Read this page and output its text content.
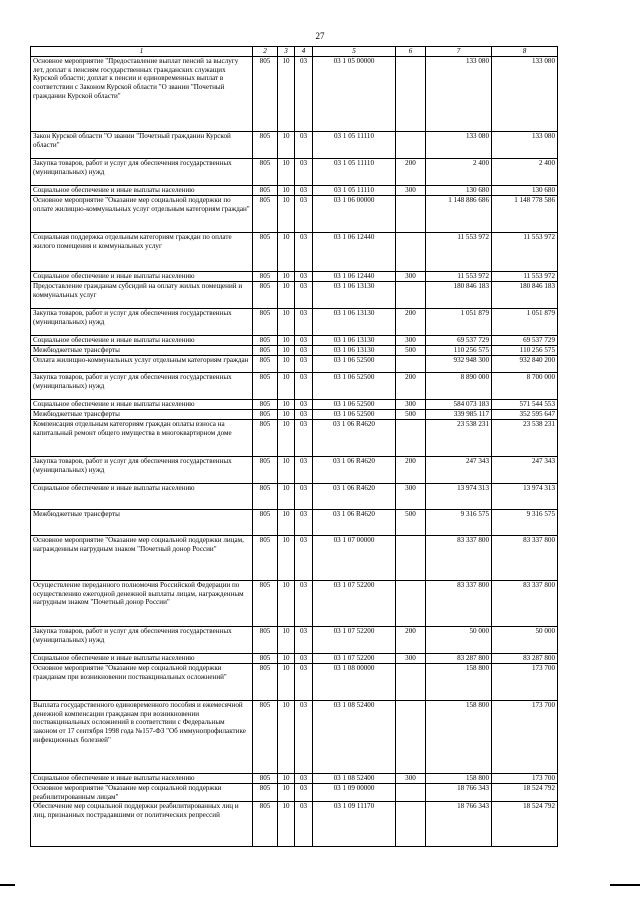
27
1	2	3	4	5	6	7	8
Основное мероприятие "Предоставление выплат пенсий за выслугу лет, доплат к пенсиям государственных гражданских служащих Курской области; доплат к пенсии и единовременных выплат в соответствии с Законом Курской области "О звании "Почетный гражданин Курской области"	805	10	03	03 1 05 00000		133 080	133 080
Закон Курской области "О звании "Почетный гражданин Курской области"	805	10	03	03 1 05 11110		133 080	133 080
Закупка товаров, работ и услуг для обеспечения государственных (муниципальных) нужд	805	10	03	03 1 05 11110	200	2 400	2 400
Социальное обеспечение и иные выплаты населению	805	10	03	03 1 05 11110	300	130 680	130 680
Основное мероприятие "Оказание мер социальной поддержки по оплате жилищно-коммунальных услуг отдельным категориям граждан"	805	10	03	03 1 06 00000		1 148 886 686	1 148 778 586
Социальная поддержка отдельным категориям граждан по оплате жилого помещения и коммунальных услуг	805	10	03	03 1 06 12440		11 553 972	11 553 972
Социальное обеспечение и иные выплаты населению	805	10	03	03 1 06 12440	300	11 553 972	11 553 972
Предоставление гражданам субсидий на оплату жилых помещений и коммунальных услуг	805	10	03	03 1 06 13130		180 846 183	180 846 183
Закупка товаров, работ и услуг для обеспечения государственных (муниципальных) нужд	805	10	03	03 1 06 13130	200	1 051 879	1 051 879
Социальное обеспечение и иные выплаты населению	805	10	03	03 1 06 13130	300	69 537 729	69 537 729
Межбюджетные трансферты	805	10	03	03 1 06 13130	500	110 256 575	110 256 575
Оплата жилищно-коммунальных услуг отдельным категориям граждан	805	10	03	03 1 06 52500		932 948 300	932 840 200
Закупка товаров, работ и услуг для обеспечения государственных (муниципальных) нужд	805	10	03	03 1 06 52500	200	8 890 000	8 700 000
Социальное обеспечение и иные выплаты населению	805	10	03	03 1 06 52500	300	584 073 183	571 544 553
Межбюджетные трансферты	805	10	03	03 1 06 52500	500	339 985 117	352 595 647
Компенсация отдельным категориям граждан оплаты взноса на капитальный ремонт общего имущества в многоквартирном доме	805	10	03	03 1 06 R4620		23 538 231	23 538 231
Закупка товаров, работ и услуг для обеспечения государственных (муниципальных) нужд	805	10	03	03 1 06 R4620	200	247 343	247 343
Социальное обеспечение и иные выплаты населению	805	10	03	03 1 06 R4620	300	13 974 313	13 974 313
Межбюджетные трансферты	805	10	03	03 1 06 R4620	500	9 316 575	9 316 575
Основное мероприятие "Оказание мер социальной поддержки лицам, награжденным нагрудным знаком "Почетный донор России"	805	10	03	03 1 07 00000		83 337 800	83 337 800
Осуществление переданного полномочия Российской Федерации по осуществлению ежегодной денежной выплаты лицам, награжденным нагрудным знаком "Почетный донор России"	805	10	03	03 1 07 52200		83 337 800	83 337 800
Закупка товаров, работ и услуг для обеспечения государственных (муниципальных) нужд	805	10	03	03 1 07 52200	200	50 000	50 000
Социальное обеспечение и иные выплаты населению	805	10	03	03 1 07 52200	300	83 287 800	83 287 800
Основное мероприятие "Оказание мер социальной поддержки гражданам при возникновении поствакцинальных осложнений"	805	10	03	03 1 08 00000		158 800	173 700
Выплата государственного единовременного пособия и ежемесячной денежной компенсации гражданам при возникновении поствакцинальных осложнений в соответствии с Федеральным законом от 17 сентября 1998 года №157-ФЗ "Об иммунопрофилактике инфекционных болезней"	805	10	03	03 1 08 52400		158 800	173 700
Социальное обеспечение и иные выплаты населению	805	10	03	03 1 08 52400	300	158 800	173 700
Основное мероприятие "Оказание мер социальной поддержки реабилитированным лицам"	805	10	03	03 1 09 00000		18 766 343	18 524 792
Обеспечение мер социальной поддержки реабилитированных лиц и лиц, признанных пострадавшими от политических репрессий	805	10	03	03 1 09 11170		18 766 343	18 524 792
